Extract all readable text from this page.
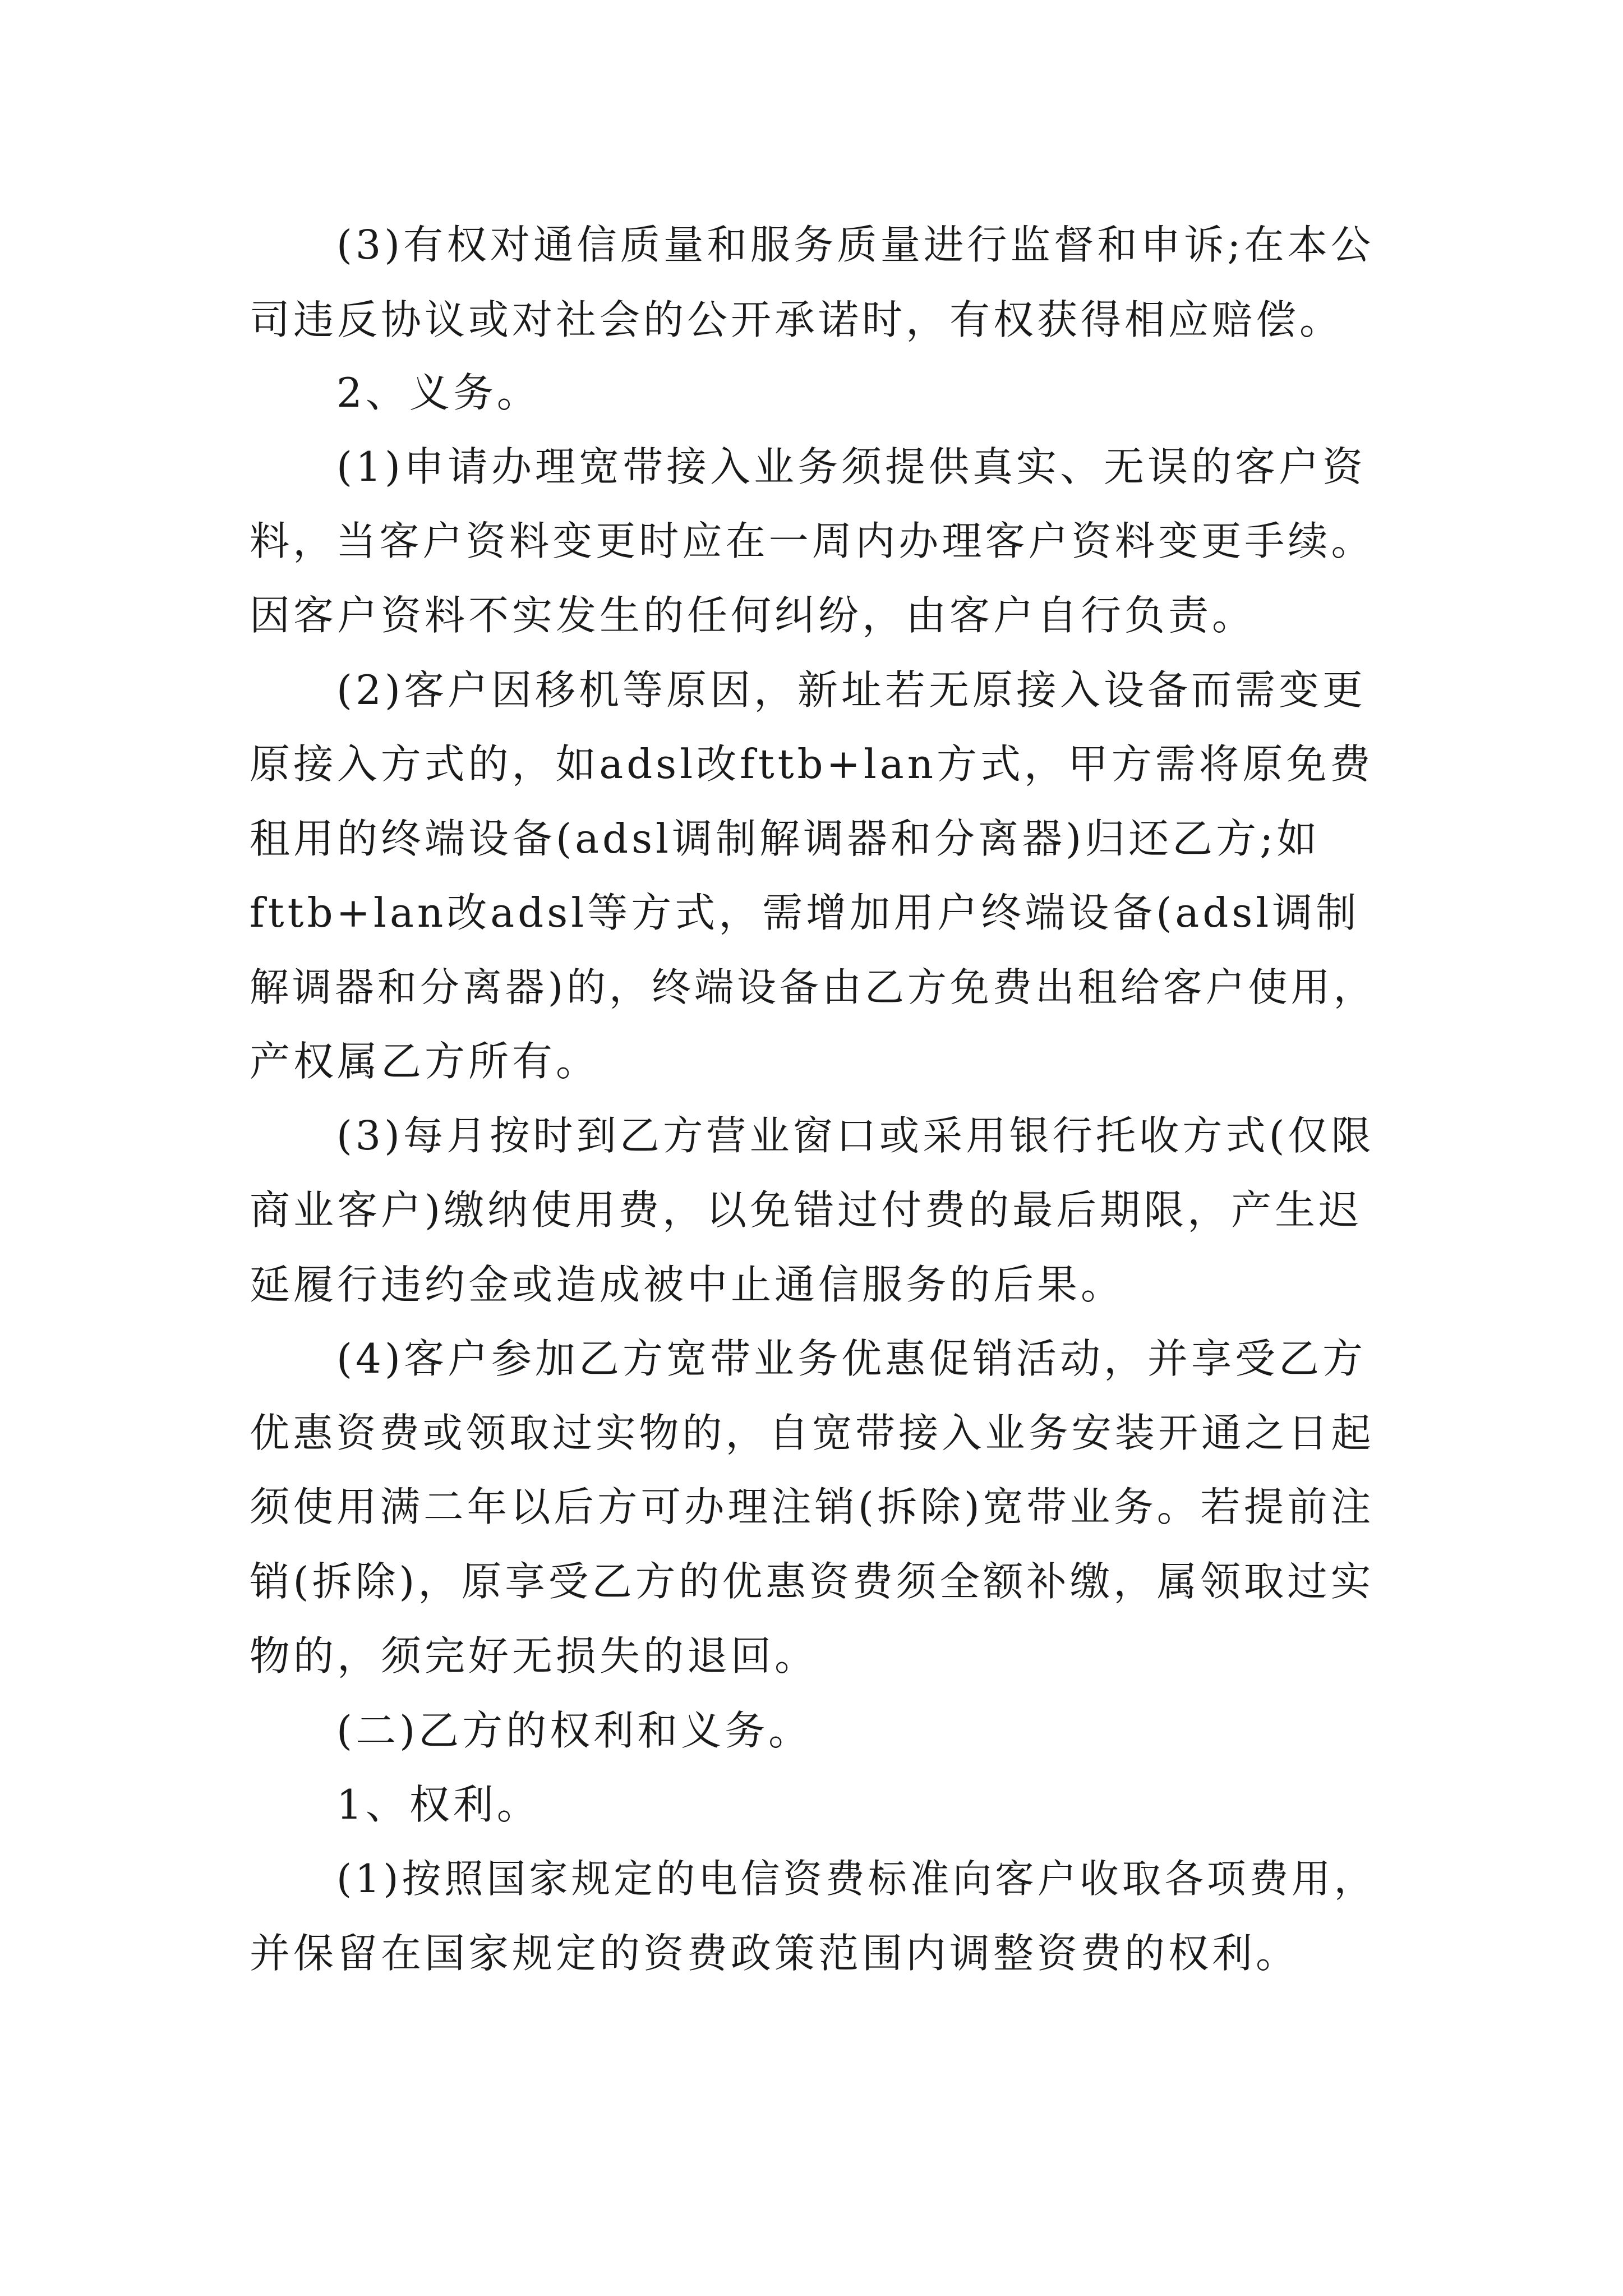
(3)有权对通信质量和服务质量进行监督和申诉;在本公
司违反协议或对社会的公开承诺时，有权获得相应赔偿。
2、义务。
(1)申请办理宽带接入业务须提供真实、无误的客户资
料，当客户资料变更时应在一周内办理客户资料变更手续。
因客户资料不实发生的任何纠纷，由客户自行负责。
(2)客户因移机等原因，新址若无原接入设备而需变更
原接入方式的，如adsl改fttb+lan方式，甲方需将原免费
租用的终端设备(adsl调制解调器和分离器)归还乙方;如
fttb+lan改adsl等方式，需增加用户终端设备(adsl调制
解调器和分离器)的，终端设备由乙方免费出租给客户使用，
产权属乙方所有。
(3)每月按时到乙方营业窗口或采用银行托收方式(仅限
商业客户)缴纳使用费，以免错过付费的最后期限，产生迟
延履行违约金或造成被中止通信服务的后果。
(4)客户参加乙方宽带业务优惠促销活动，并享受乙方
优惠资费或领取过实物的，自宽带接入业务安装开通之日起
须使用满二年以后方可办理注销(拆除)宽带业务。若提前注
销(拆除)，原享受乙方的优惠资费须全额补缴，属领取过实
物的，须完好无损失的退回。
(二)乙方的权利和义务。
1、权利。
(1)按照国家规定的电信资费标准向客户收取各项费用，
并保留在国家规定的资费政策范围内调整资费的权利。
